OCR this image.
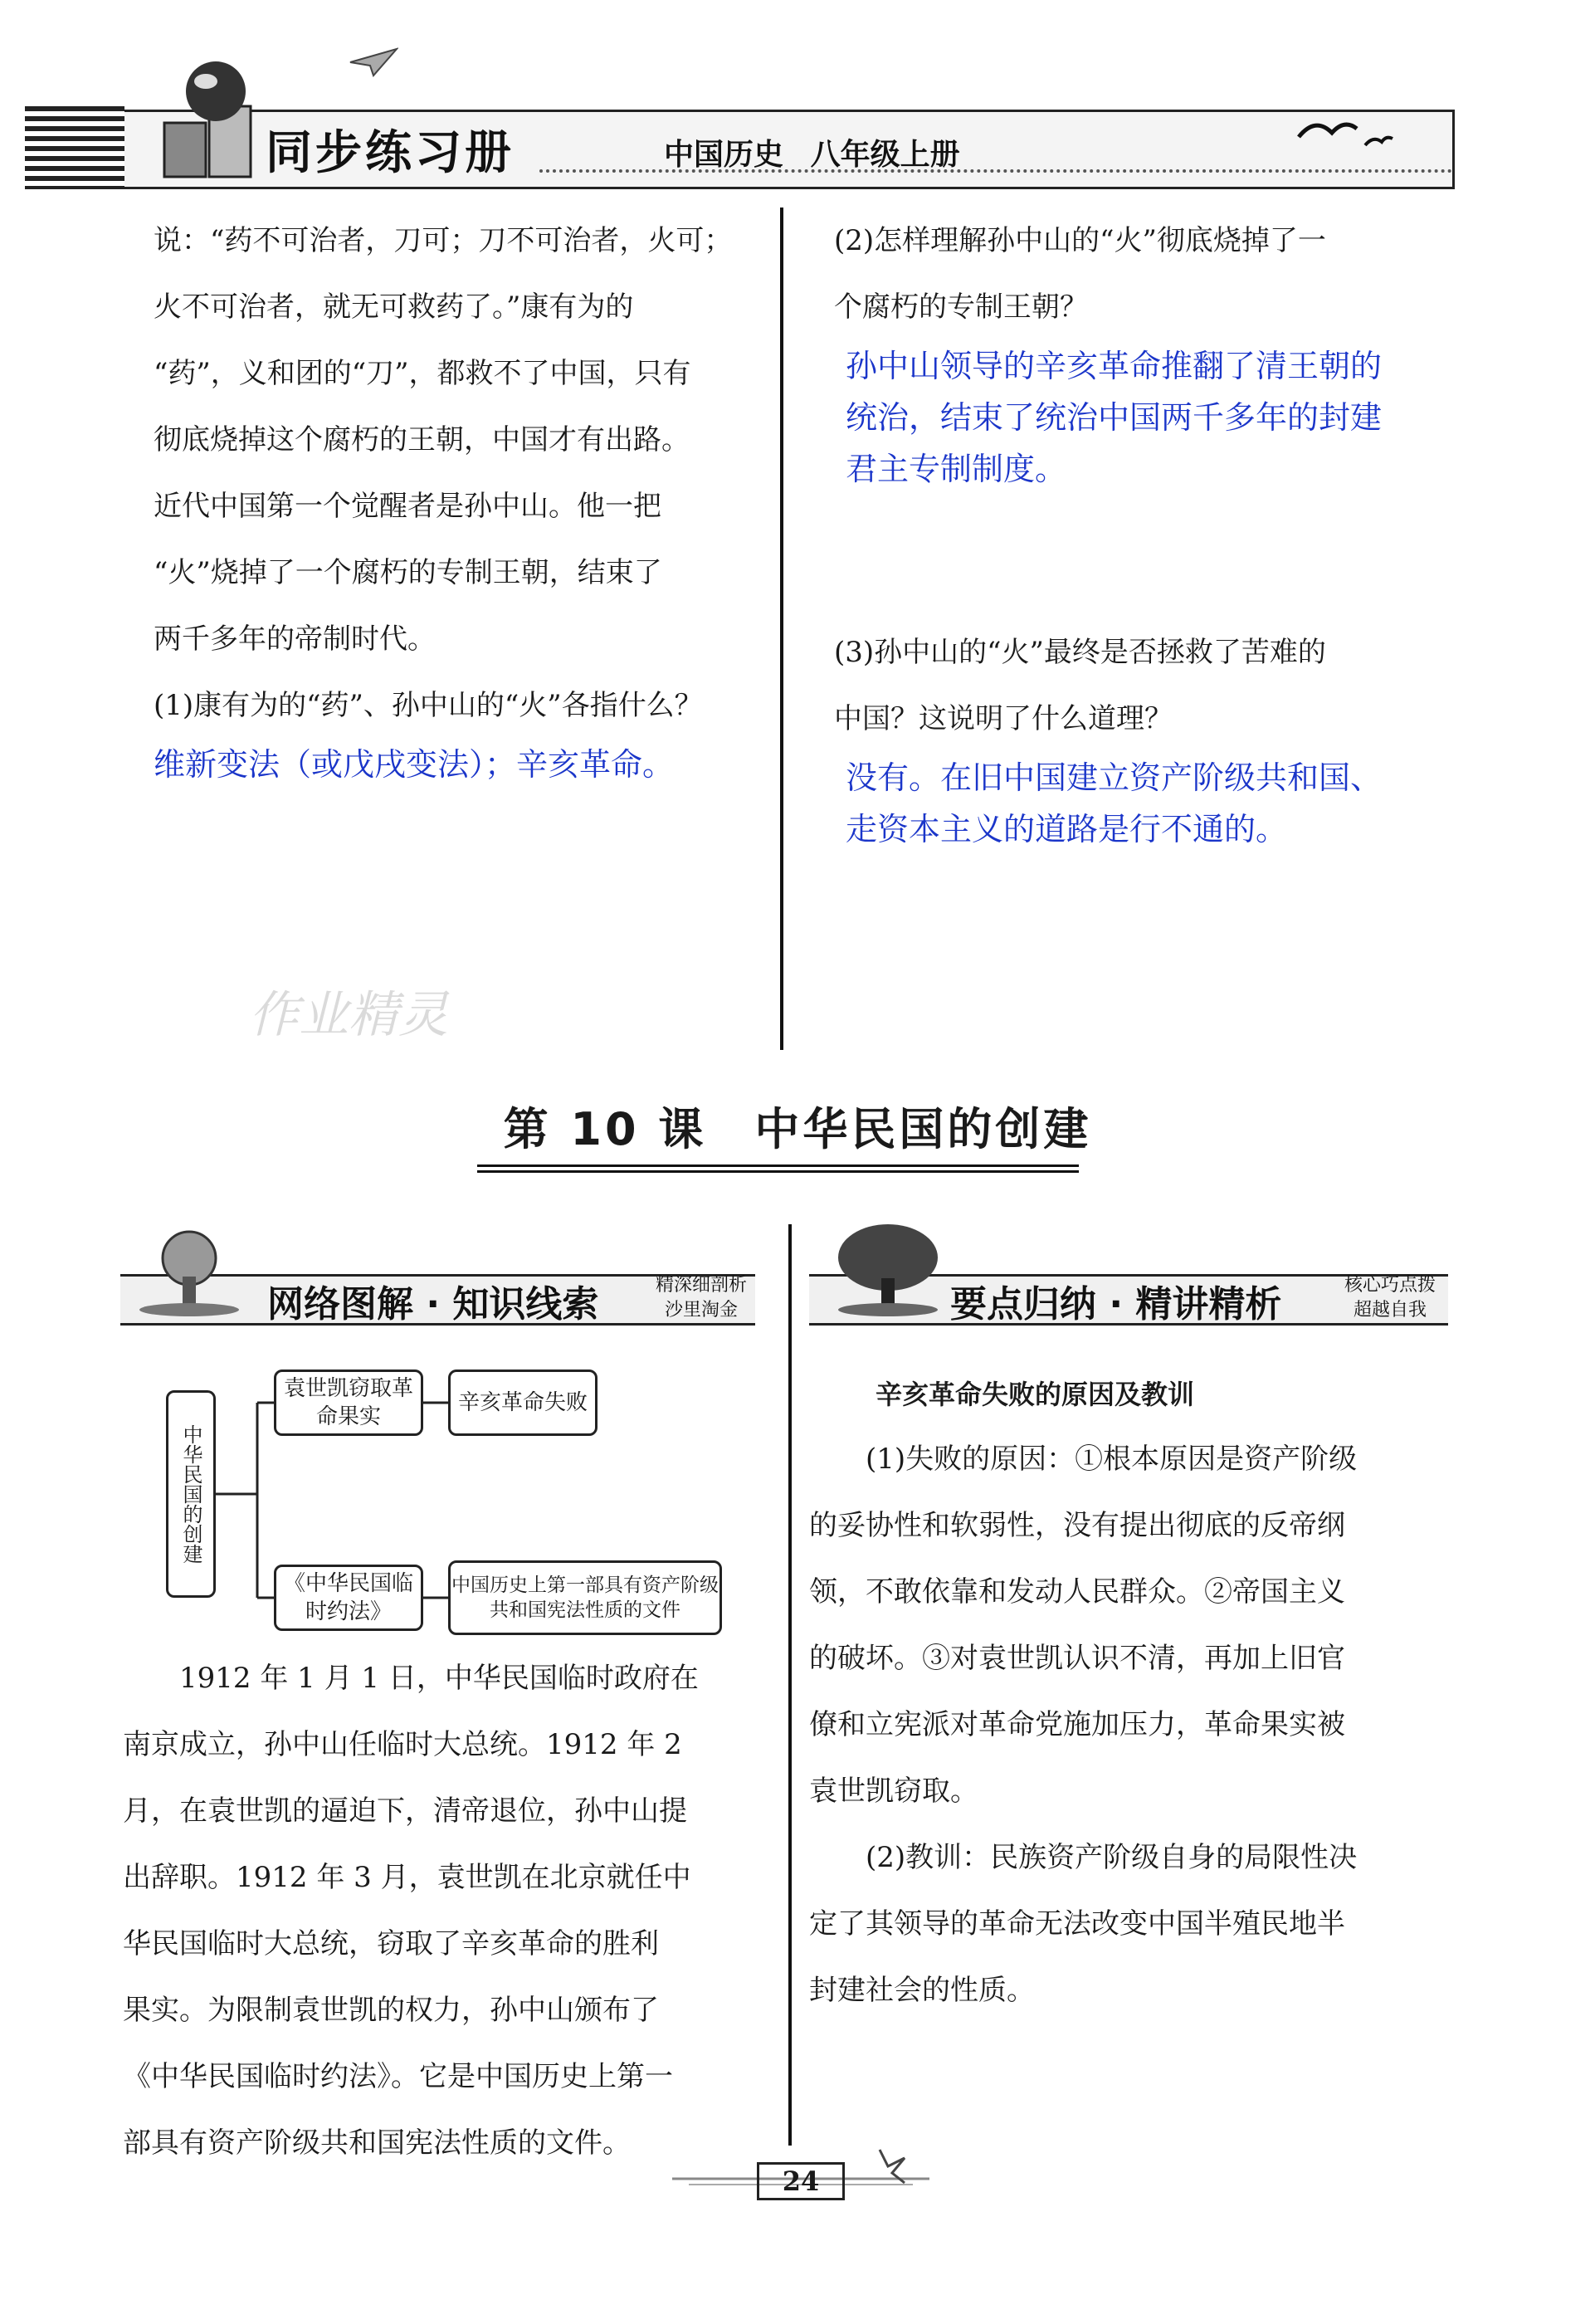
同步练习册	中国历史 八年级上册
说：“药不可治者，刀可；刀不可治者，火可；
火不可治者，就无可救药了。”康有为的
“药”，义和团的“刀”，都救不了中国，只有
彻底烧掉这个腐朽的王朝，中国才有出路。
近代中国第一个觉醒者是孙中山。他一把
“火”烧掉了一个腐朽的专制王朝，结束了
两千多年的帝制时代。
(1)康有为的“药”、孙中山的“火”各指什么？
维新变法（或戊戌变法）；辛亥革命。
(2)怎样理解孙中山的“火”彻底烧掉了一
个腐朽的专制王朝？
孙中山领导的辛亥革命推翻了清王朝的
统治，结束了统治中国两千多年的封建
君主专制制度。
(3)孙中山的“火”最终是否拯救了苦难的
中国？这说明了什么道理？
没有。在旧中国建立资产阶级共和国、
走资本主义的道路是行不通的。
作业精灵
第 10 课　中华民国的创建
网络图解 · 知识线索	精深细剖析
沙里淘金
中华民国的创建
袁世凯窃取革命果实
辛亥革命失败
《中华民国临时约法》
中国历史上第一部具有资产阶级共和国宪法性质的文件
1912 年 1 月 1 日，中华民国临时政府在
南京成立，孙中山任临时大总统。1912 年 2
月，在袁世凯的逼迫下，清帝退位，孙中山提
出辞职。1912 年 3 月，袁世凯在北京就任中
华民国临时大总统，窃取了辛亥革命的胜利
果实。为限制袁世凯的权力，孙中山颁布了
《中华民国临时约法》。它是中国历史上第一
部具有资产阶级共和国宪法性质的文件。
要点归纳 · 精讲精析	核心巧点拨
超越自我
辛亥革命失败的原因及教训
(1)失败的原因：①根本原因是资产阶级
的妥协性和软弱性，没有提出彻底的反帝纲
领，不敢依靠和发动人民群众。②帝国主义
的破坏。③对袁世凯认识不清，再加上旧官
僚和立宪派对革命党施加压力，革命果实被
袁世凯窃取。
(2)教训：民族资产阶级自身的局限性决
定了其领导的革命无法改变中国半殖民地半
封建社会的性质。
24
